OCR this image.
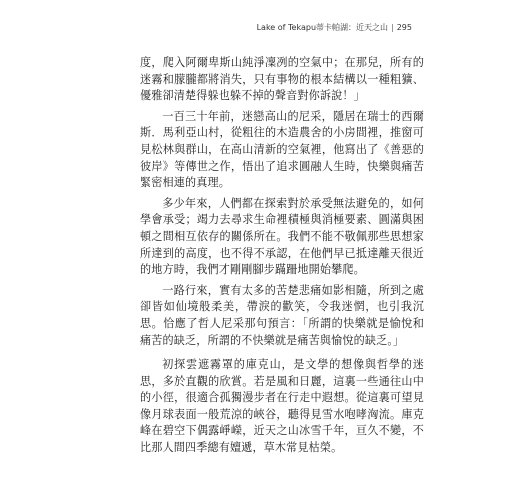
Lake of Tekapu 蒂卡帕湖：近天之山 | 295

度，爬入阿爾卑斯山純淨凜冽的空氣中；在那兒，所有的迷霧和朦朧都將消失，只有事物的根本結構以一種粗獷、優雅卻清楚得躲也躲不掉的聲音對你訴說！」

一百三十年前，迷戀高山的尼采，隱居在瑞士的西爾斯．馬利亞山村，從粗往的木造農舍的小房間裡，推窗可見松林與群山，在高山清新的空氣裡，他寫出了《善惡的彼岸》等傳世之作，悟出了追求圓融人生時，快樂與痛苦緊密相連的真理。

多少年來，人們都在探索對於承受無法避免的，如何學會承受；竭力去尋求生命裡積極與消極要素、圓滿與困頓之間相互依存的關係所在。我們不能不敬佩那些思想家所達到的高度，也不得不承認，在他們早已抵達離天很近的地方時，我們才剛剛腳步蹣跚地開始攀爬。

一路行來，實有太多的苦楚悲痛如影相隨，所到之處卻皆如仙境般柔美，帶淚的歡笑，令我迷惘，也引我沉思。恰應了哲人尼采那句預言：「所謂的快樂就是愉悅和痛苦的缺乏，所謂的不快樂就是痛苦與愉悅的缺乏。」

初探雲遮霧罩的庫克山，是文學的想像與哲學的迷思，多於直觀的欣賞。若是風和日麗，這裏一些通往山中的小徑，很適合孤獨漫步者在行走中遐想。從這裏可望見像月球表面一般荒涼的峽谷，聽得見雪水咆哮洶流。庫克峰在碧空下偶露崢嶸，近天之山冰雪千年，亘久不變，不比那人間四季總有嬗遞，草木常見枯榮。
